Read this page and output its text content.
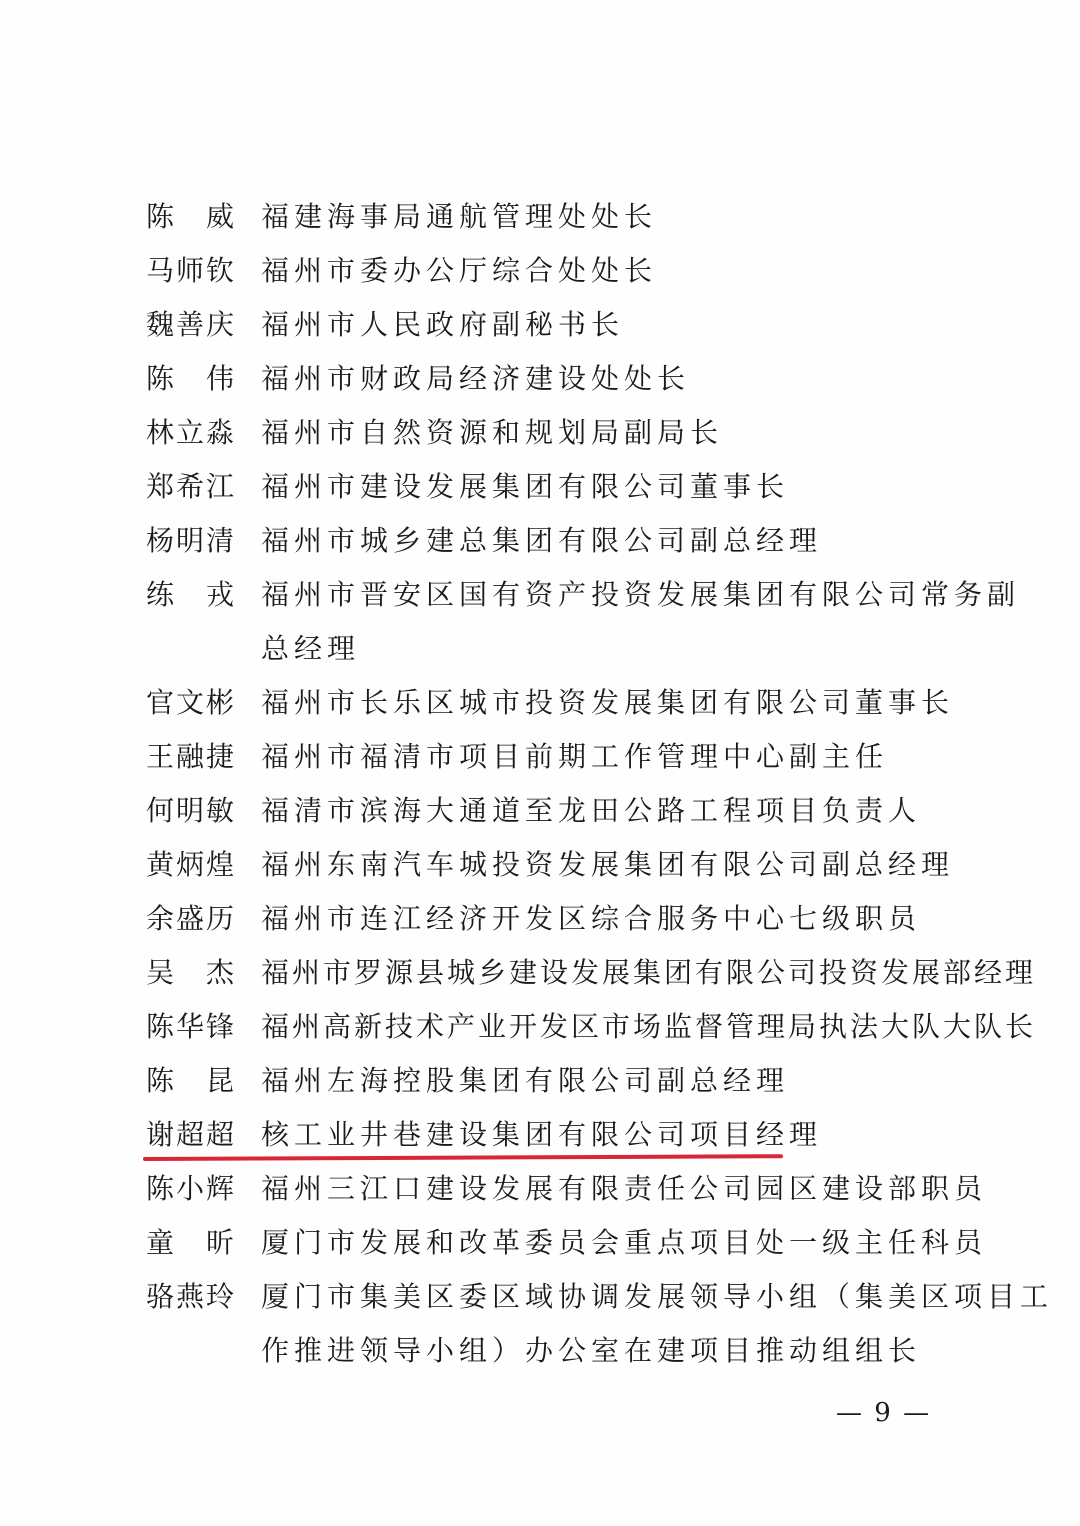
陈　威 福建海事局通航管理处处长
马师钦 福州市委办公厅综合处处长
魏善庆 福州市人民政府副秘书长
陈　伟 福州市财政局经济建设处处长
林立淼 福州市自然资源和规划局副局长
郑希江 福州市建设发展集团有限公司董事长
杨明清 福州市城乡建总集团有限公司副总经理
练　戎 福州市晋安区国有资产投资发展集团有限公司常务副
总经理
官文彬 福州市长乐区城市投资发展集团有限公司董事长
王融捷 福州市福清市项目前期工作管理中心副主任
何明敏 福清市滨海大通道至龙田公路工程项目负责人
黄炳煌 福州东南汽车城投资发展集团有限公司副总经理
余盛历 福州市连江经济开发区综合服务中心七级职员
吴　杰 福州市罗源县城乡建设发展集团有限公司投资发展部经理
陈华锋 福州高新技术产业开发区市场监督管理局执法大队大队长
陈　昆 福州左海控股集团有限公司副总经理
谢超超 核工业井巷建设集团有限公司项目经理
陈小辉 福州三江口建设发展有限责任公司园区建设部职员
童　昕 厦门市发展和改革委员会重点项目处一级主任科员
骆燕玲 厦门市集美区委区域协调发展领导小组（集美区项目工
作推进领导小组）办公室在建项目推动组组长
— 9 —
